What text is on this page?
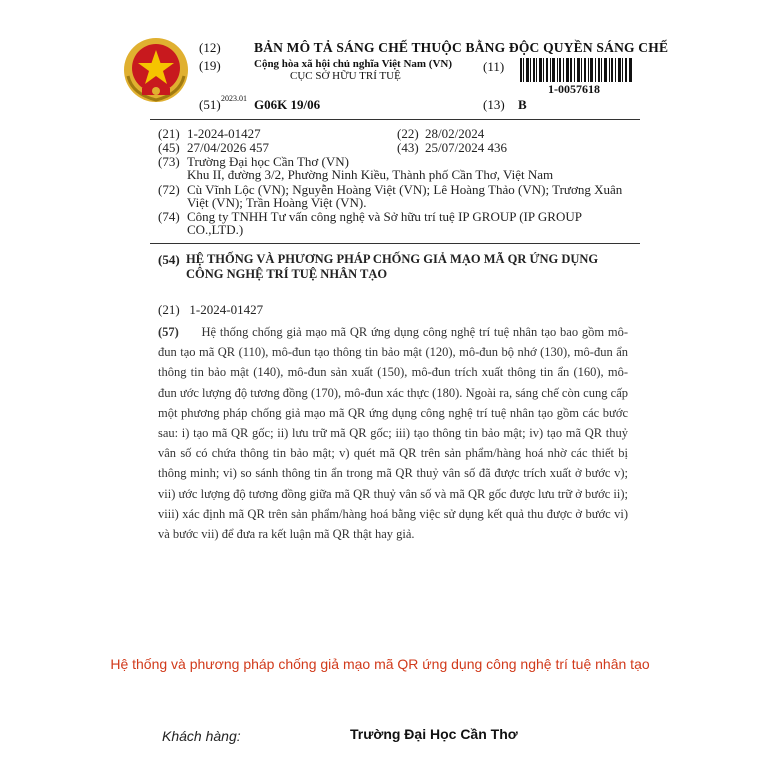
(12) BẢN MÔ TẢ SÁNG CHẾ THUỘC BẰNG ĐỘC QUYỀN SÁNG CHẾ
(19)	Cộng hòa xã hội chủ nghĩa Việt Nam (VN)
CỤC SỞ HỮU TRÍ TUỆ
(11)
1-0057618
(51) 2023.01 G06K 19/06	(13) B
(21) 1-2024-01427	(22) 28/02/2024
(45) 27/04/2026 457	(43) 25/07/2024 436
(73) Trường Đại học Cần Thơ (VN)
Khu II, đường 3/2, Phường Ninh Kiều, Thành phố Cần Thơ, Việt Nam
(72) Cù Vĩnh Lộc (VN); Nguyễn Hoàng Việt (VN); Lê Hoàng Thảo (VN); Trương Xuân
Việt (VN); Trần Hoàng Việt (VN).
(74) Công ty TNHH Tư vấn công nghệ và Sở hữu trí tuệ IP GROUP (IP GROUP
CO.,LTD.)
(54) HỆ THỐNG VÀ PHƯƠNG PHÁP CHỐNG GIẢ MẠO MÃ QR ỨNG DỤNG CÔNG NGHỆ TRÍ TUỆ NHÂN TẠO
(21) 1-2024-01427
(57) Hệ thống chống giả mạo mã QR ứng dụng công nghệ trí tuệ nhân tạo bao gồm mô-đun tạo mã QR (110), mô-đun tạo thông tin bảo mật (120), mô-đun bộ nhớ (130), mô-đun ẩn thông tin bảo mật (140), mô-đun sản xuất (150), mô-đun trích xuất thông tin ẩn (160), mô-đun ước lượng độ tương đồng (170), mô-đun xác thực (180). Ngoài ra, sáng chế còn cung cấp một phương pháp chống giả mạo mã QR ứng dụng công nghệ trí tuệ nhân tạo gồm các bước sau: i) tạo mã QR gốc; ii) lưu trữ mã QR gốc; iii) tạo thông tin bảo mật; iv) tạo mã QR thuỷ vân số có chứa thông tin bảo mật; v) quét mã QR trên sản phẩm/hàng hoá nhờ các thiết bị thông minh; vi) so sánh thông tin ẩn trong mã QR thuỷ vân số đã được trích xuất ở bước v); vii) ước lượng độ tương đồng giữa mã QR thuỷ vân số và mã QR gốc được lưu trữ ở bước ii); viii) xác định mã QR trên sản phẩm/hàng hoá bằng việc sử dụng kết quả thu được ở bước vi) và bước vii) để đưa ra kết luận mã QR thật hay giả.
Hệ thống và phương pháp chống giả mạo mã QR ứng dụng công nghệ trí tuệ nhân tạo
Khách hàng:	Trường Đại Học Cần Thơ
